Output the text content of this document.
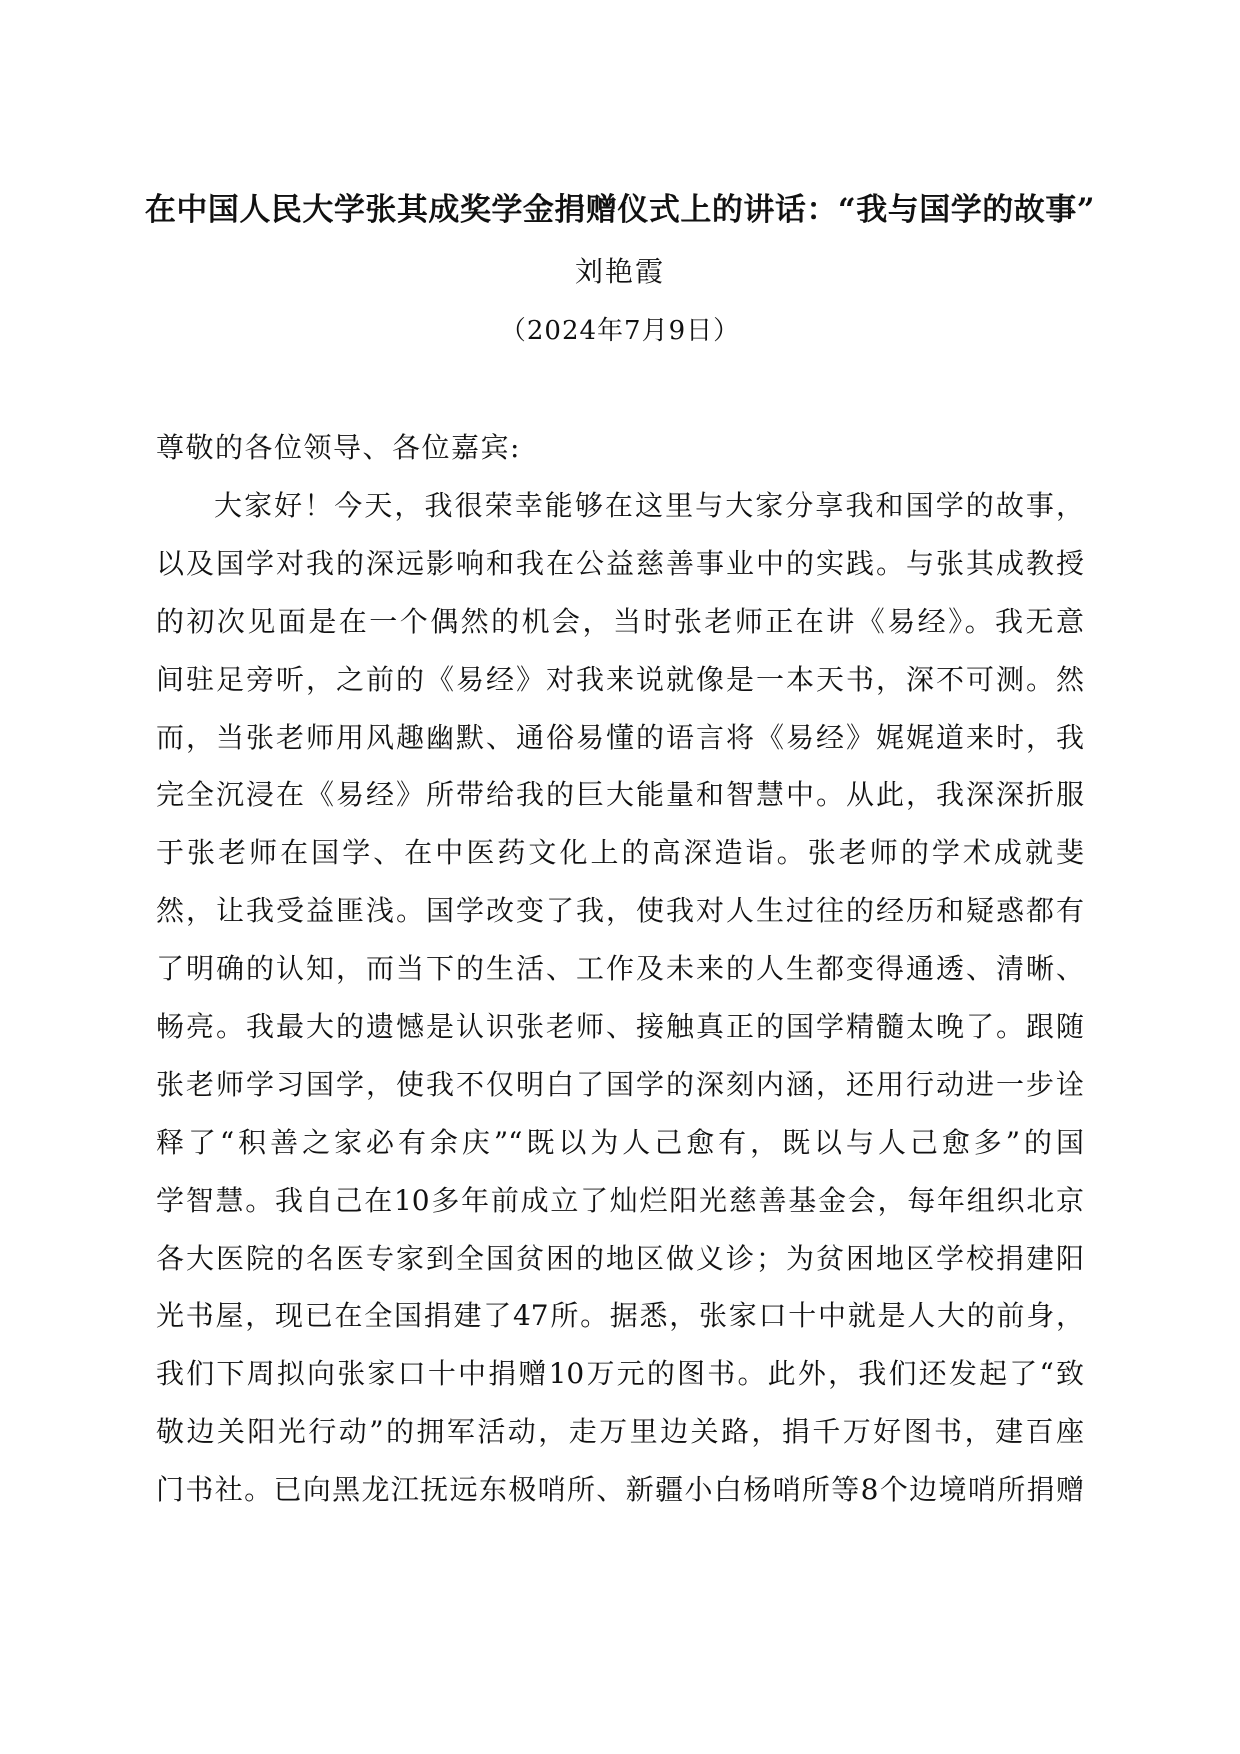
在中国人民大学张其成奖学金捐赠仪式上的讲话：“我与国学的故事”
刘艳霞
（2024年7月9日）
尊敬的各位领导、各位嘉宾:
大家好！今天，我很荣幸能够在这里与大家分享我和国学的故事，
以及国学对我的深远影响和我在公益慈善事业中的实践。与张其成教授
的初次见面是在一个偶然的机会，当时张老师正在讲《易经》。我无意
间驻足旁听，之前的《易经》对我来说就像是一本天书，深不可测。然
而，当张老师用风趣幽默、通俗易懂的语言将《易经》娓娓道来时，我
完全沉浸在《易经》所带给我的巨大能量和智慧中。从此，我深深折服
于张老师在国学、在中医药文化上的高深造诣。张老师的学术成就斐
然，让我受益匪浅。国学改变了我，使我对人生过往的经历和疑惑都有
了明确的认知，而当下的生活、工作及未来的人生都变得通透、清晰、
畅亮。我最大的遗憾是认识张老师、接触真正的国学精髓太晚了。跟随
张老师学习国学，使我不仅明白了国学的深刻内涵，还用行动进一步诠
释了“积善之家必有余庆”“既以为人己愈有，既以与人己愈多”的国
学智慧。我自己在10多年前成立了灿烂阳光慈善基金会，每年组织北京
各大医院的名医专家到全国贫困的地区做义诊；为贫困地区学校捐建阳
光书屋，现已在全国捐建了47所。据悉，张家口十中就是人大的前身，
我们下周拟向张家口十中捐赠10万元的图书。此外，我们还发起了“致
敬边关阳光行动”的拥军活动，走万里边关路，捐千万好图书，建百座
门书社。已向黑龙江抚远东极哨所、新疆小白杨哨所等8个边境哨所捐赠
